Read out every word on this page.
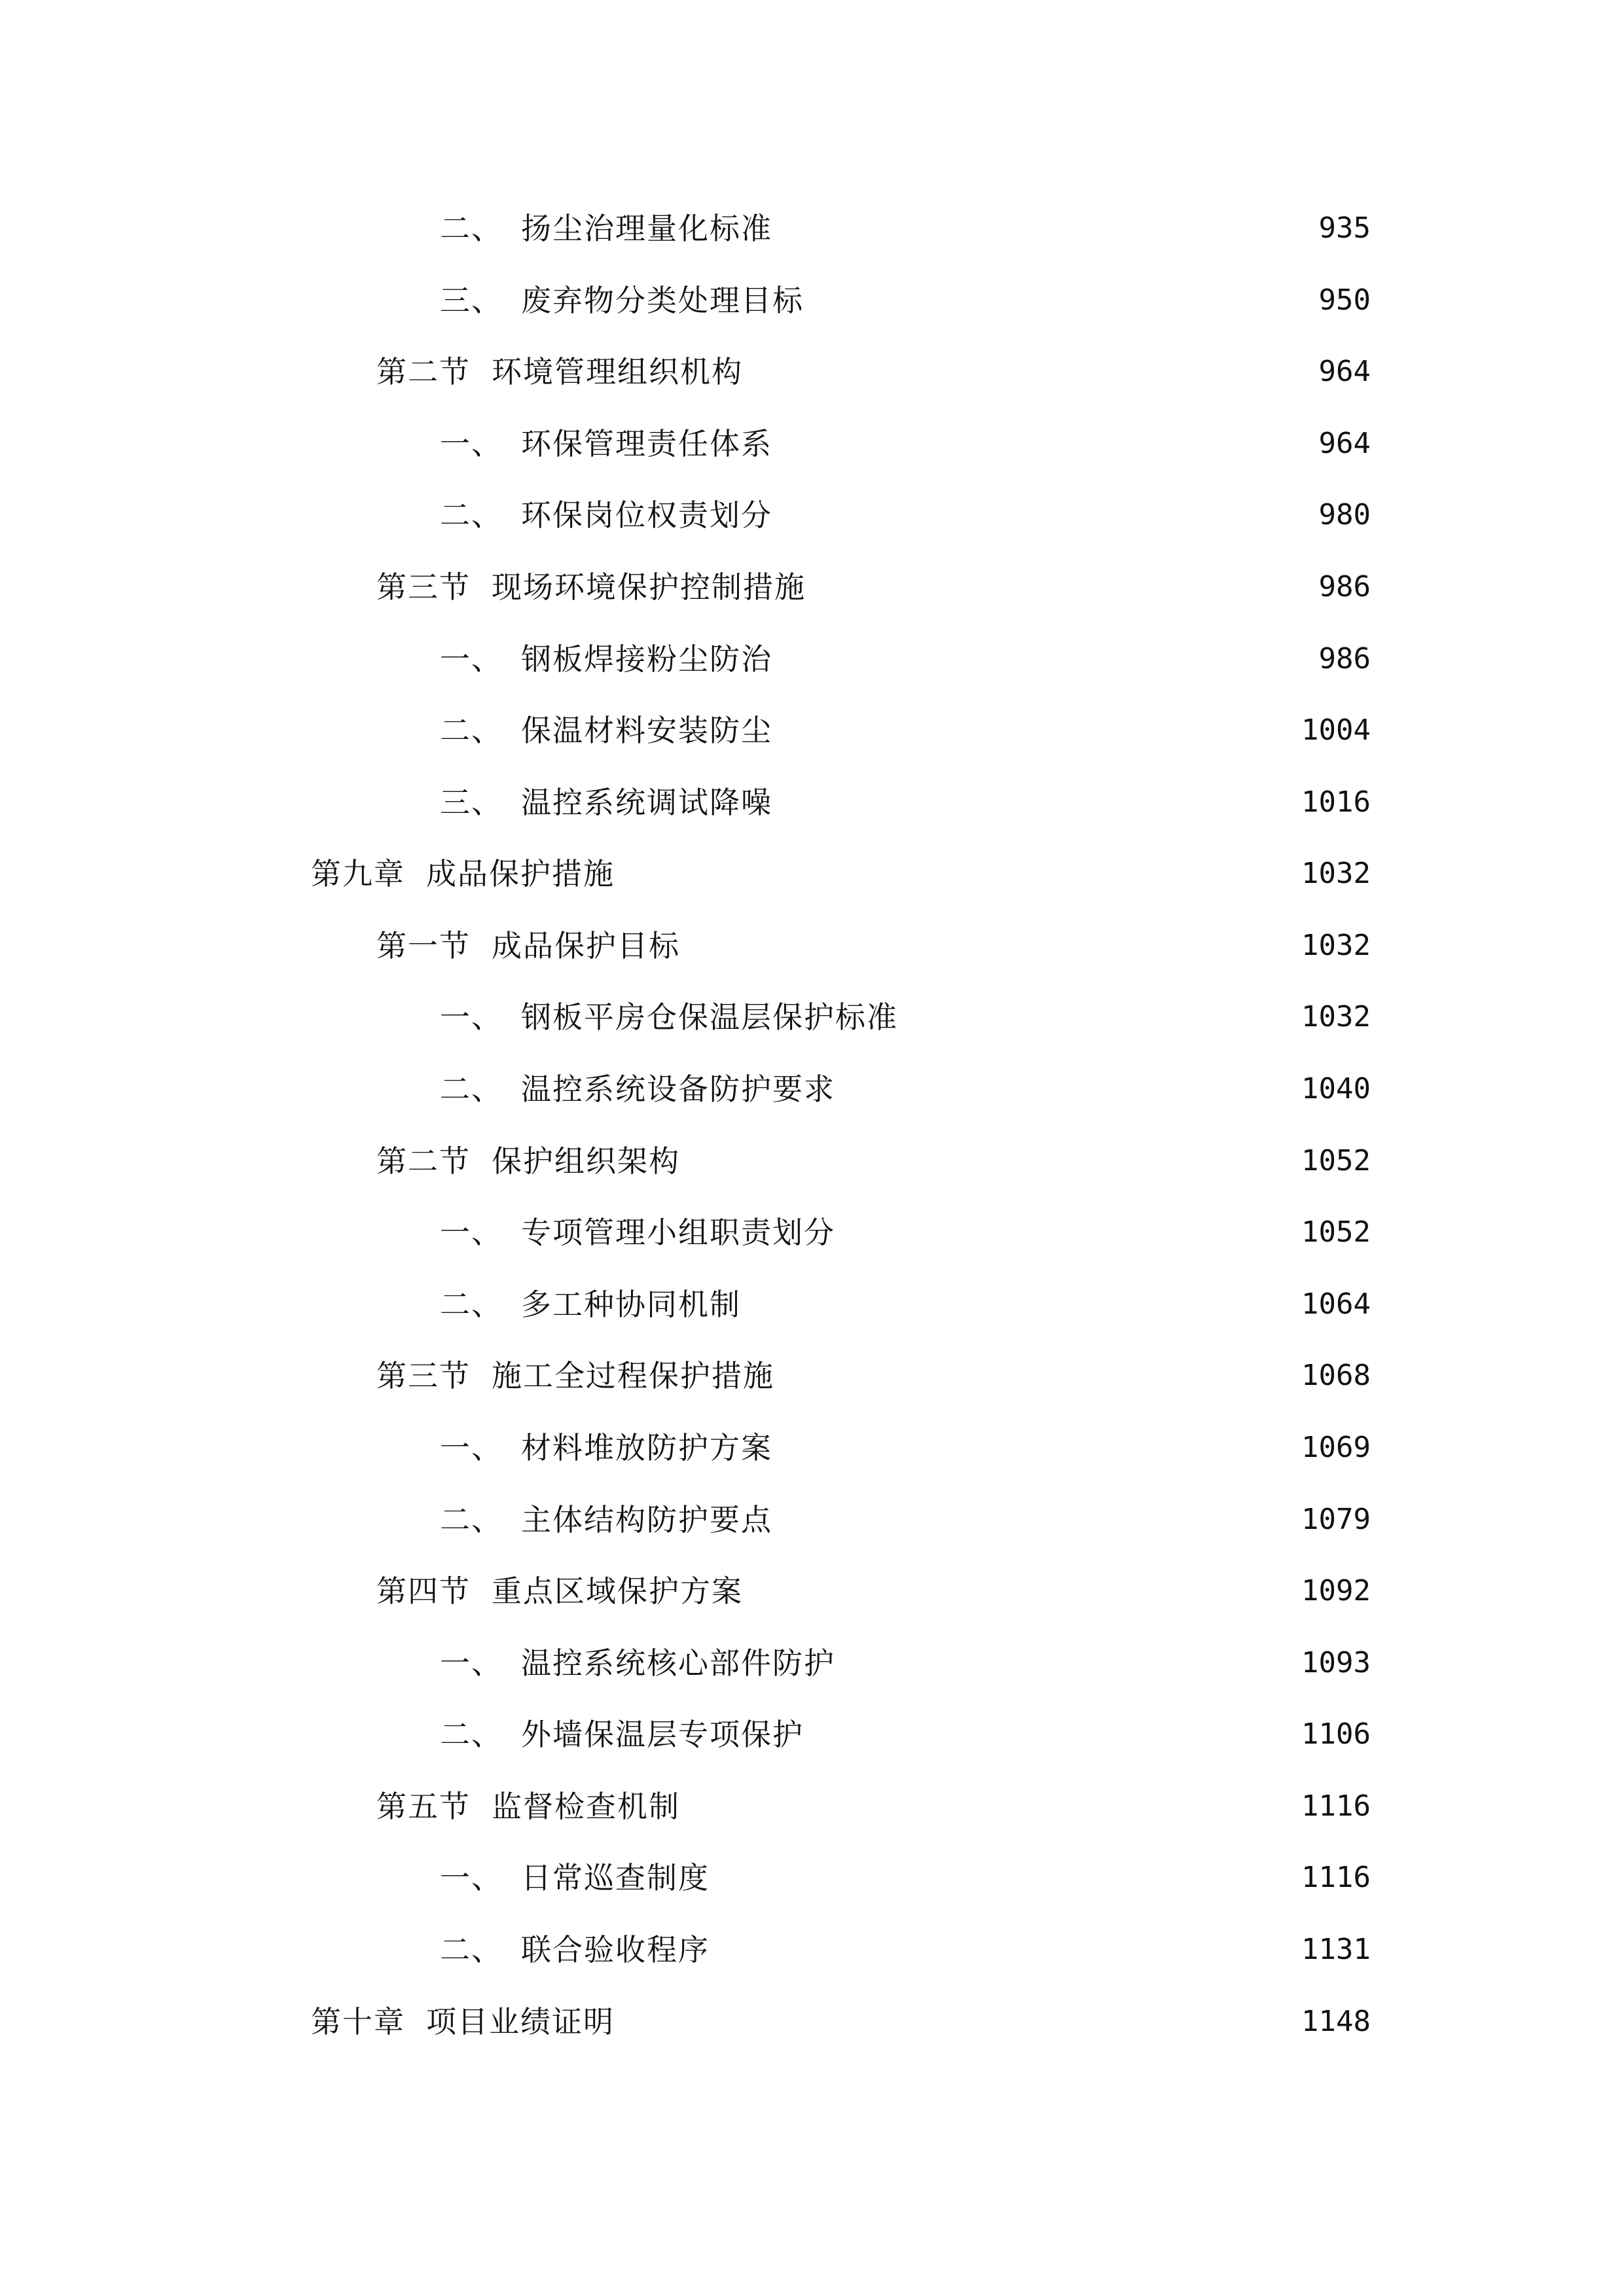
二、 扬尘治理量化标准	935
三、 废弃物分类处理目标	950
第二节 环境管理组织机构	964
一、 环保管理责任体系	964
二、 环保岗位权责划分	980
第三节 现场环境保护控制措施	986
一、 钢板焊接粉尘防治	986
二、 保温材料安装防尘	1004
三、 温控系统调试降噪	1016
第九章 成品保护措施	1032
第一节 成品保护目标	1032
一、 钢板平房仓保温层保护标准	1032
二、 温控系统设备防护要求	1040
第二节 保护组织架构	1052
一、 专项管理小组职责划分	1052
二、 多工种协同机制	1064
第三节 施工全过程保护措施	1068
一、 材料堆放防护方案	1069
二、 主体结构防护要点	1079
第四节 重点区域保护方案	1092
一、 温控系统核心部件防护	1093
二、 外墙保温层专项保护	1106
第五节 监督检查机制	1116
一、 日常巡查制度	1116
二、 联合验收程序	1131
第十章 项目业绩证明	1148
